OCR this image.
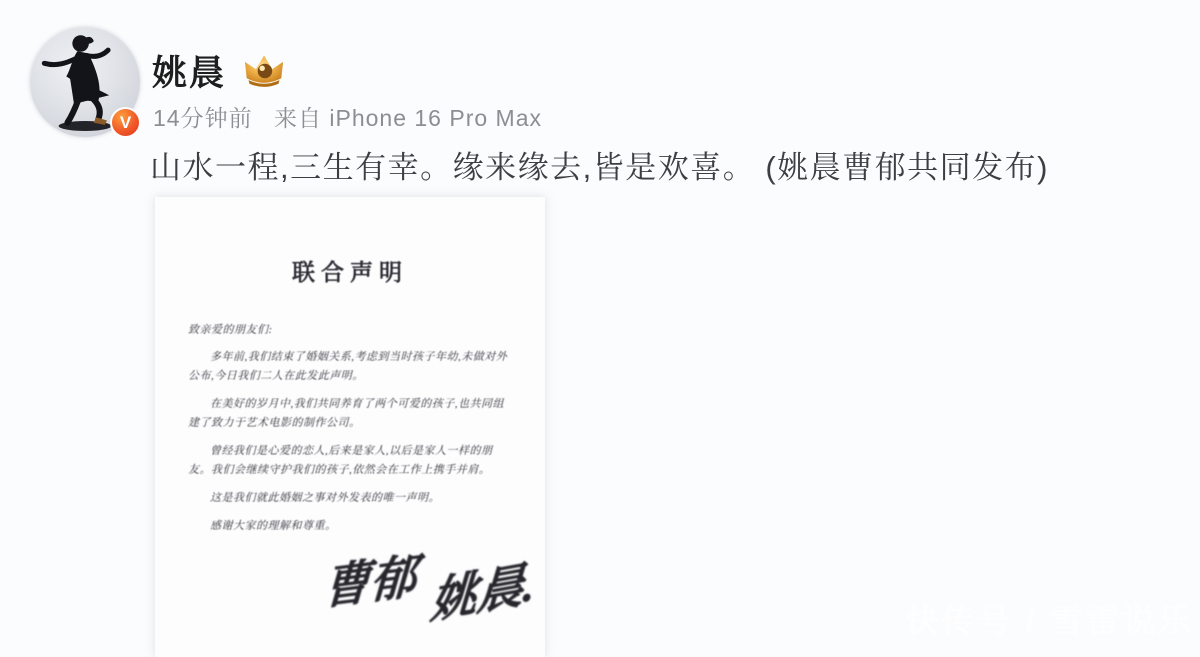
V
姚晨
14分钟前 来自 iPhone 16 Pro Max
山水一程,三生有幸。缘来缘去,皆是欢喜。 (姚晨曹郁共同发布)
联合声明
致亲爱的朋友们:

多年前,我们结束了婚姻关系,考虑到当时孩子年幼,未做对外公布,今日我们二人在此发此声明。

在美好的岁月中,我们共同养育了两个可爱的孩子,也共同组建了致力于艺术电影的制作公司。

曾经我们是心爱的恋人,后来是家人,以后是家人一样的朋友。我们会继续守护我们的孩子,依然会在工作上携手并肩。

这是我们就此婚姻之事对外发表的唯一声明。

感谢大家的理解和尊重。

曹郁 姚晨.	快传号 / 雪雷说乐
